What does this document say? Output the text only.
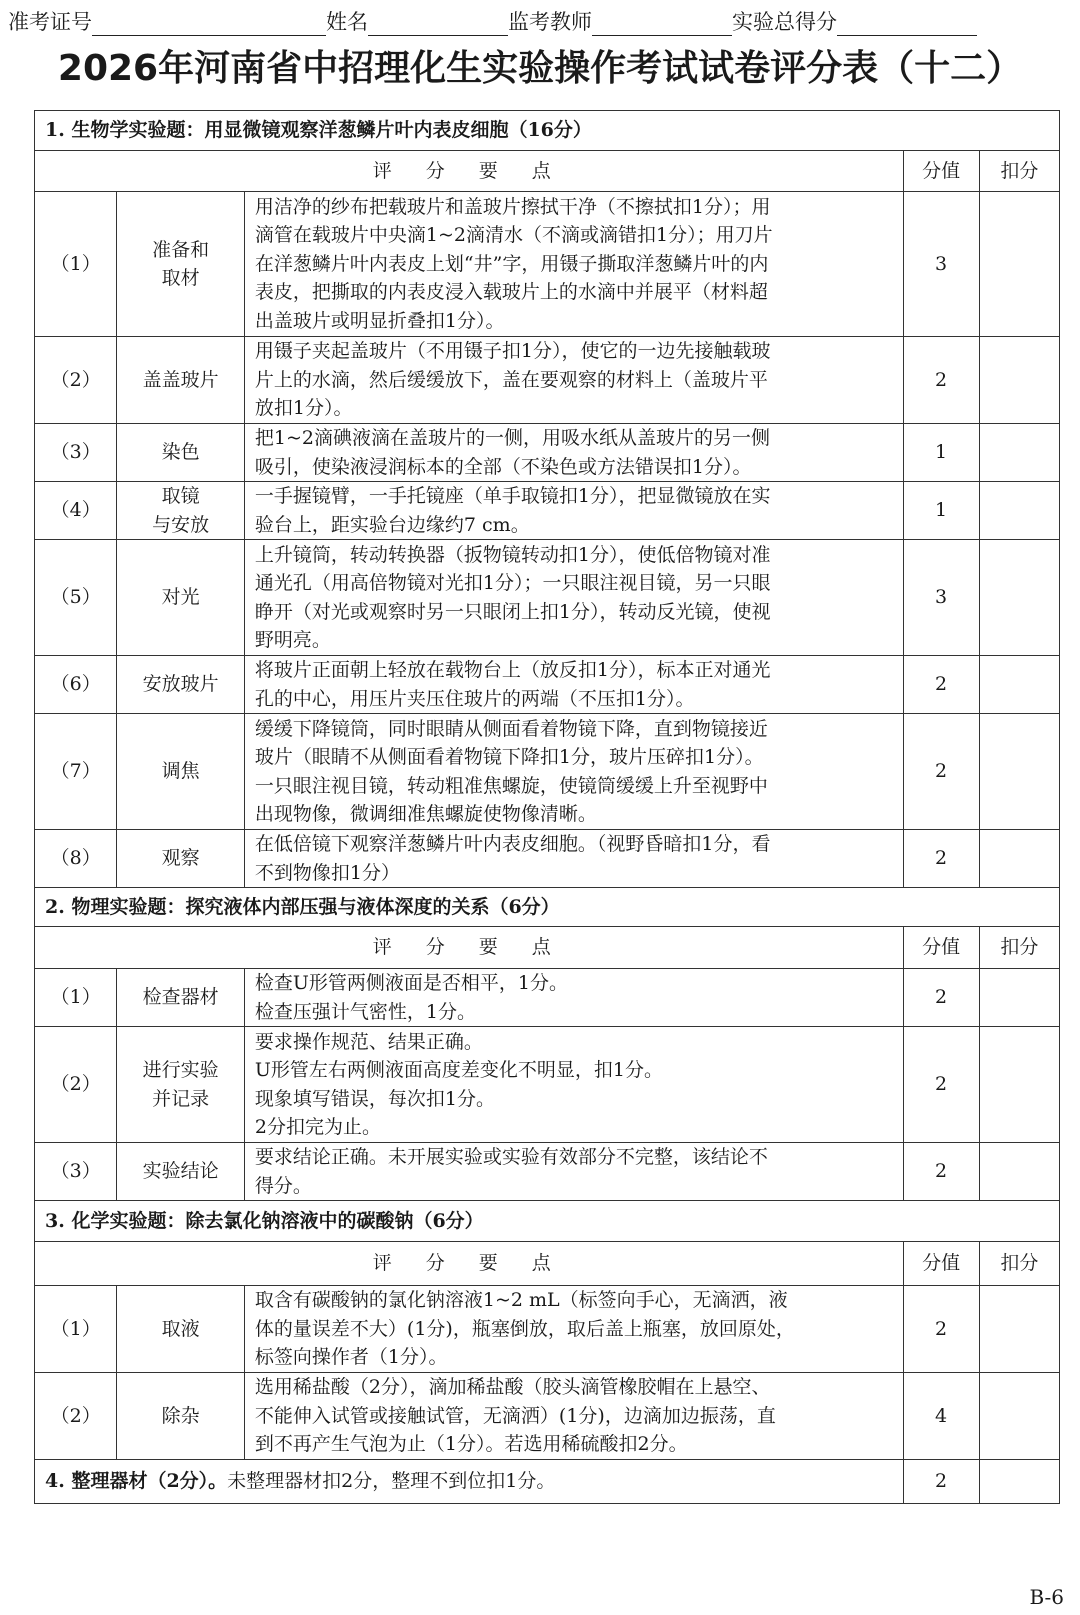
准考证号	姓名	监考教师	实验总得分
2026年河南省中招理化生实验操作考试试卷评分表（十二）
1. 生物学实验题：用显微镜观察洋葱鳞片叶内表皮细胞（16分）				
评 分 要 点			分值	扣分
（1）	准备和
取材	用洁净的纱布把载玻片和盖玻片擦拭干净（不擦拭扣1分）；用
滴管在载玻片中央滴1~2滴清水（不滴或滴错扣1分）；用刀片
在洋葱鳞片叶内表皮上划“井”字，用镊子撕取洋葱鳞片叶的内
表皮，把撕取的内表皮浸入载玻片上的水滴中并展平（材料超
出盖玻片或明显折叠扣1分）。	3	
（2）	盖盖玻片	用镊子夹起盖玻片（不用镊子扣1分），使它的一边先接触载玻
片上的水滴，然后缓缓放下，盖在要观察的材料上（盖玻片平
放扣1分）。	2	
（3）	染色	把1~2滴碘液滴在盖玻片的一侧，用吸水纸从盖玻片的另一侧
吸引，使染液浸润标本的全部（不染色或方法错误扣1分）。	1	
（4）	取镜
与安放	一手握镜臂，一手托镜座（单手取镜扣1分），把显微镜放在实
验台上，距实验台边缘约7 cm。	1	
（5）	对光	上升镜筒，转动转换器（扳物镜转动扣1分），使低倍物镜对准
通光孔（用高倍物镜对光扣1分）；一只眼注视目镜，另一只眼
睁开（对光或观察时另一只眼闭上扣1分），转动反光镜，使视
野明亮。	3	
（6）	安放玻片	将玻片正面朝上轻放在载物台上（放反扣1分），标本正对通光
孔的中心，用压片夹压住玻片的两端（不压扣1分）。	2	
（7）	调焦	缓缓下降镜筒，同时眼睛从侧面看着物镜下降，直到物镜接近
玻片（眼睛不从侧面看着物镜下降扣1分，玻片压碎扣1分）。
一只眼注视目镜，转动粗准焦螺旋，使镜筒缓缓上升至视野中
出现物像，微调细准焦螺旋使物像清晰。	2	
（8）	观察	在低倍镜下观察洋葱鳞片叶内表皮细胞。（视野昏暗扣1分，看
不到物像扣1分）	2	
2. 物理实验题：探究液体内部压强与液体深度的关系（6分）				
评 分 要 点			分值	扣分
（1）	检查器材	检查U形管两侧液面是否相平，1分。
检查压强计气密性，1分。	2	
（2）	进行实验
并记录	要求操作规范、结果正确。
U形管左右两侧液面高度差变化不明显，扣1分。
现象填写错误，每次扣1分。
2分扣完为止。	2	
（3）	实验结论	要求结论正确。未开展实验或实验有效部分不完整，该结论不
得分。	2	
3. 化学实验题：除去氯化钠溶液中的碳酸钠（6分）				
评 分 要 点			分值	扣分
（1）	取液	取含有碳酸钠的氯化钠溶液1~2 mL（标签向手心，无滴洒，液
体的量误差不大）(1分)，瓶塞倒放，取后盖上瓶塞，放回原处，
标签向操作者（1分）。	2	
（2）	除杂	选用稀盐酸（2分），滴加稀盐酸（胶头滴管橡胶帽在上悬空、
不能伸入试管或接触试管，无滴洒）(1分)，边滴加边振荡，直
到不再产生气泡为止（1分）。若选用稀硫酸扣2分。	4	
4. 整理器材（2分）。未整理器材扣2分，整理不到位扣1分。			2	
B-6
